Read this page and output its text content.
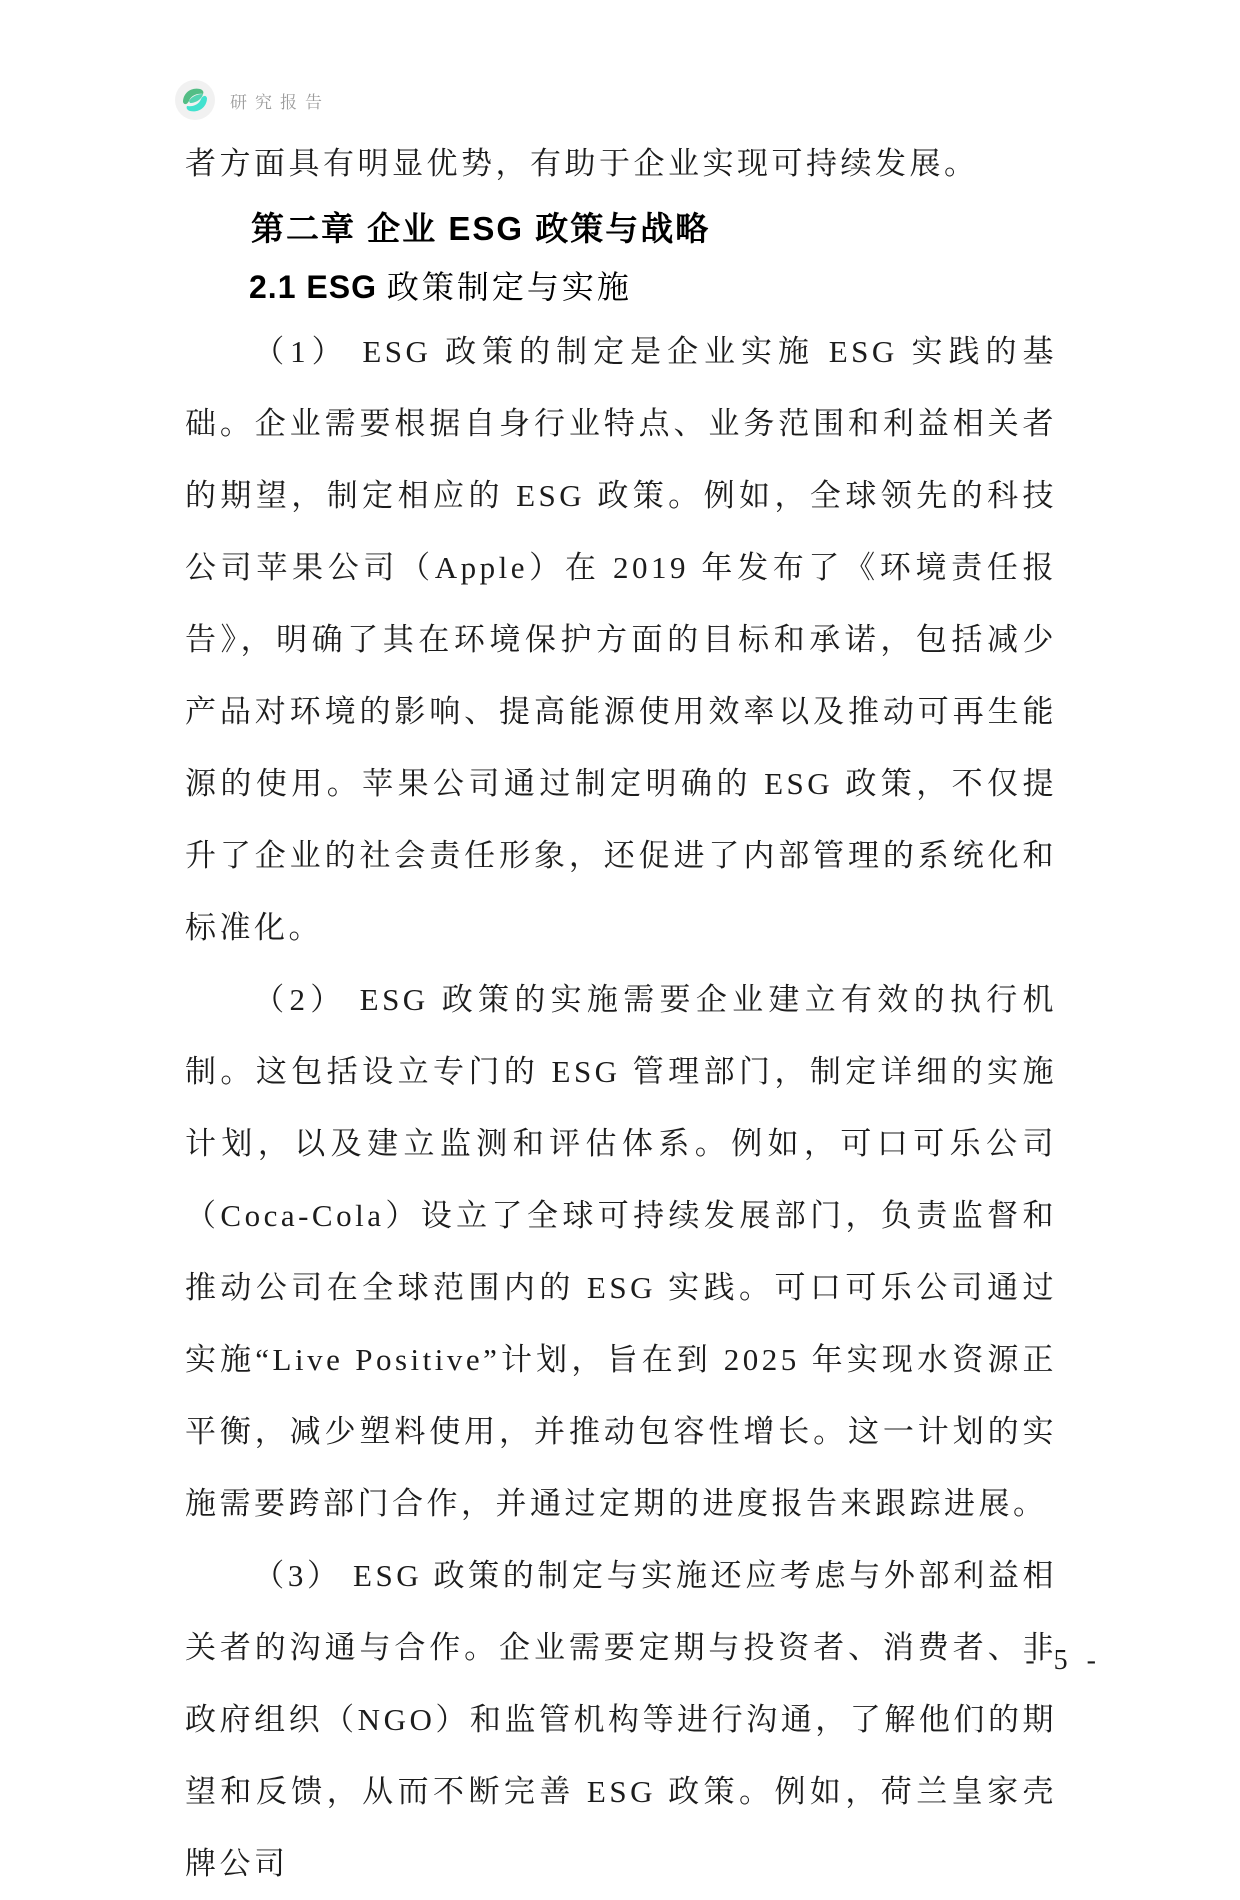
研究报告

者方面具有明显优势，有助于企业实现可持续发展。

第二章 企业 ESG 政策与战略
2.1 ESG 政策制定与实施

（1） ESG 政策的制定是企业实施 ESG 实践的基础。企业需要根据自身行业特点、业务范围和利益相关者的期望，制定相应的 ESG 政策。例如，全球领先的科技公司苹果公司（Apple）在 2019 年发布了《环境责任报告》，明确了其在环境保护方面的目标和承诺，包括减少产品对环境的影响、提高能源使用效率以及推动可再生能源的使用。苹果公司通过制定明确的 ESG 政策，不仅提升了企业的社会责任形象，还促进了内部管理的系统化和标准化。

（2） ESG 政策的实施需要企业建立有效的执行机制。这包括设立专门的 ESG 管理部门，制定详细的实施计划，以及建立监测和评估体系。例如，可口可乐公司（Coca-Cola）设立了全球可持续发展部门，负责监督和推动公司在全球范围内的 ESG 实践。可口可乐公司通过实施“Live Positive”计划，旨在到 2025 年实现水资源正平衡，减少塑料使用，并推动包容性增长。这一计划的实施需要跨部门合作，并通过定期的进度报告来跟踪进展。

（3） ESG 政策的制定与实施还应考虑与外部利益相关者的沟通与合作。企业需要定期与投资者、消费者、非政府组织（NGO）和监管机构等进行沟通，了解他们的期望和反馈，从而不断完善 ESG 政策。例如，荷兰皇家壳牌公司

- 5 -
